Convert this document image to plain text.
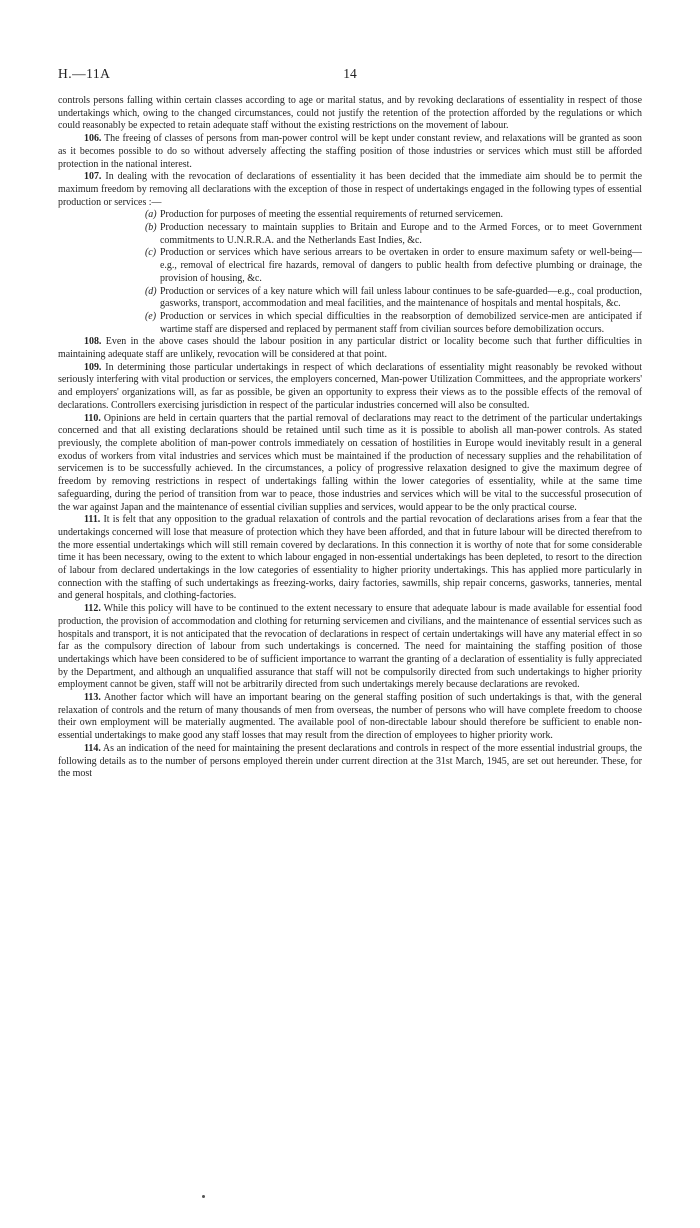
H.—11A	14

controls persons falling within certain classes according to age or marital status, and by revoking declarations of essentiality in respect of those undertakings which, owing to the changed circumstances, could not justify the retention of the protection afforded by the regulations or which could reasonably be expected to retain adequate staff without the existing restrictions on the movement of labour.

106. The freeing of classes of persons from man-power control will be kept under constant review, and relaxations will be granted as soon as it becomes possible to do so without adversely affecting the staffing position of those industries or services which must still be afforded protection in the national interest.

107. In dealing with the revocation of declarations of essentiality it has been decided that the immediate aim should be to permit the maximum freedom by removing all declarations with the exception of those in respect of undertakings engaged in the following types of essential production or services :—

(a) Production for purposes of meeting the essential requirements of returned servicemen.
(b) Production necessary to maintain supplies to Britain and Europe and to the Armed Forces, or to meet Government commitments to U.N.R.R.A. and the Netherlands East Indies, &c.
(c) Production or services which have serious arrears to be overtaken in order to ensure maximum safety or well-being—e.g., removal of electrical fire hazards, removal of dangers to public health from defective plumbing or drainage, the provision of housing, &c.
(d) Production or services of a key nature which will fail unless labour continues to be safe-guarded—e.g., coal production, gasworks, transport, accommodation and meal facilities, and the maintenance of hospitals and mental hospitals, &c.
(e) Production or services in which special difficulties in the reabsorption of demobilized service-men are anticipated if wartime staff are dispersed and replaced by permanent staff from civilian sources before demobilization occurs.

108. Even in the above cases should the labour position in any particular district or locality become such that further difficulties in maintaining adequate staff are unlikely, revocation will be considered at that point.

109. In determining those particular undertakings in respect of which declarations of essentiality might reasonably be revoked without seriously interfering with vital production or services, the employers concerned, Man-power Utilization Committees, and the appropriate workers' and employers' organizations will, as far as possible, be given an opportunity to express their views as to the possible effects of the removal of declarations. Controllers exercising jurisdiction in respect of the particular industries concerned will also be consulted.

110. Opinions are held in certain quarters that the partial removal of declarations may react to the detriment of the particular undertakings concerned and that all existing declarations should be retained until such time as it is possible to abolish all man-power controls. As stated previously, the complete abolition of man-power controls immediately on cessation of hostilities in Europe would inevitably result in a general exodus of workers from vital industries and services which must be maintained if the production of necessary supplies and the rehabilitation of servicemen is to be successfully achieved. In the circumstances, a policy of progressive relaxation designed to give the maximum degree of freedom by removing restrictions in respect of undertakings falling within the lower categories of essentiality, while at the same time safeguarding, during the period of transition from war to peace, those industries and services which will be vital to the successful prosecution of the war against Japan and the maintenance of essential civilian supplies and services, would appear to be the only practical course.

111. It is felt that any opposition to the gradual relaxation of controls and the partial revocation of declarations arises from a fear that the undertakings concerned will lose that measure of protection which they have been afforded, and that in future labour will be directed therefrom to the more essential undertakings which will still remain covered by declarations. In this connection it is worthy of note that for some considerable time it has been necessary, owing to the extent to which labour engaged in non-essential undertakings has been depleted, to resort to the direction of labour from declared undertakings in the low categories of essentiality to higher priority undertakings. This has applied more particularly in connection with the staffing of such undertakings as freezing-works, dairy factories, sawmills, ship repair concerns, gasworks, tanneries, mental and general hospitals, and clothing-factories.

112. While this policy will have to be continued to the extent necessary to ensure that adequate labour is made available for essential food production, the provision of accommodation and clothing for returning servicemen and civilians, and the maintenance of essential services such as hospitals and transport, it is not anticipated that the revocation of declarations in respect of certain undertakings will have any material effect in so far as the compulsory direction of labour from such undertakings is concerned. The need for maintaining the staffing position of those undertakings which have been considered to be of sufficient importance to warrant the granting of a declaration of essentiality is fully appreciated by the Department, and although an unqualified assurance that staff will not be compulsorily directed from such undertakings to higher priority employment cannot be given, staff will not be arbitrarily directed from such undertakings merely because declarations are revoked.

113. Another factor which will have an important bearing on the general staffing position of such undertakings is that, with the general relaxation of controls and the return of many thousands of men from overseas, the number of persons who will have complete freedom to choose their own employment will be materially augmented. The available pool of non-directable labour should therefore be sufficient to enable non-essential undertakings to make good any staff losses that may result from the direction of employees to higher priority work.

114. As an indication of the need for maintaining the present declarations and controls in respect of the more essential industrial groups, the following details as to the number of persons employed therein under current direction at the 31st March, 1945, are set out hereunder. These, for the most
